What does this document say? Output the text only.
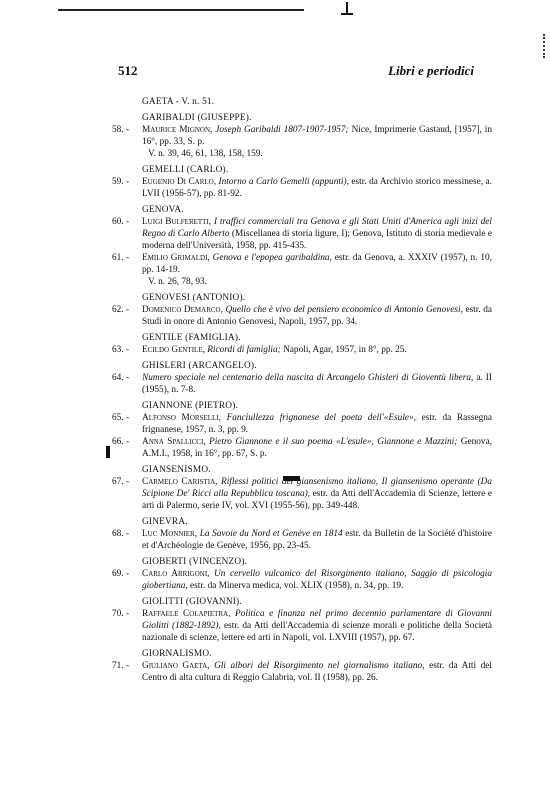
512	Libri e periodici
GAETA - V. n. 51.
GARIBALDI (GIUSEPPE).
58. -	Maurice Mignon, Joseph Garibaldi 1807-1907-1957; Nice, Imprimerie Gastaud, [1957], in 16°, pp. 33, S. p.
V. n. 39, 46, 61, 138, 158, 159.
GEMELLI (CARLO).
59. -	Eugenio Di Carlo, Intorno a Carlo Gemelli (appunti), estr. da Archivio storico messinese, a. LVII (1956-57), pp. 81-92.
GENOVA.
60. -	Luigi Bulferetti, I traffici commerciali tra Genova e gli Stati Uniti d'America agli inizi del Regno di Carlo Alberto (Miscellanea di storia ligure, I); Genova, Istituto di storia medievale e moderna dell'Università, 1958, pp. 415-435.
61. -	Emilio Grimaldi, Genova e l'epopea garibaldina, estr. da Genova, a. XXXIV (1957), n. 10, pp. 14-19.
V. n. 26, 78, 93.
GENOVESI (ANTONIO).
62. -	Domenico Demarco, Quello che è vivo del pensiero economico di Antonio Genovesi, estr. da Studi in onore di Antonio Genovesi, Napoli, 1957, pp. 34.
GENTILE (FAMIGLIA).
63. -	Ecildo Gentile, Ricordi di famiglia; Napoli, Agar, 1957, in 8°, pp. 25.
GHISLERI (ARCANGELO).
64. -	Numero speciale nel centenario della nascita di Arcangelo Ghisleri di Gioventù libera, a. II (1955), n. 7-8.
GIANNONE (PIETRO).
65. -	Alfonso Morselli, Fanciullezza frignanese del poeta dell'«Esule», estr. da Rassegna frignanese, 1957, n. 3, pp. 9.
66. -	Anna Spallicci, Pietro Giannone e il suo poema «L'esule», Giannone e Mazzini; Genova, A.M.I., 1958, in 16°, pp. 67, S. p.
GIANSENISMO.
67. -	Carmelo Caristia, Riflessi politici del giansenismo italiano, Il giansenismo operante (Da Scipione De' Ricci alla Repubblica toscana), estr. da Atti dell'Accademia di Scienze, lettere e arti di Palermo, serie IV, vol. XVI (1955-56), pp. 349-448.
GINEVRA.
68. -	Luc Monnier, La Savoie du Nord et Genève en 1814 estr. da Bulletin de la Société d'histoire et d'Archéologie de Genève, 1956, pp. 23-45.
GIOBERTI (VINCENZO).
69. -	Carlo Arrigoni, Un cervello vulcanico del Risorgimento italiano, Saggio di psicologia giobertiana, estr. da Minerva medica, vol. XLIX (1958), n. 34, pp. 19.
GIOLITTI (GIOVANNI).
70. -	Raffaele Colapietra, Politica e finanza nel primo decennio parlamentare di Giovanni Giolitti (1882-1892), estr. da Atti dell'Accademia di scienze morali e politiche della Società nazionale di scienze, lettere ed arti in Napoli, vol. LXVIII (1957), pp. 67.
GIORNALISMO.
71. -	Giuliano Gaeta, Gli albori del Risorgimento nel giornalismo italiano, estr. da Atti del Centro di alta cultura di Reggio Calabria, vol. II (1958), pp. 26.
